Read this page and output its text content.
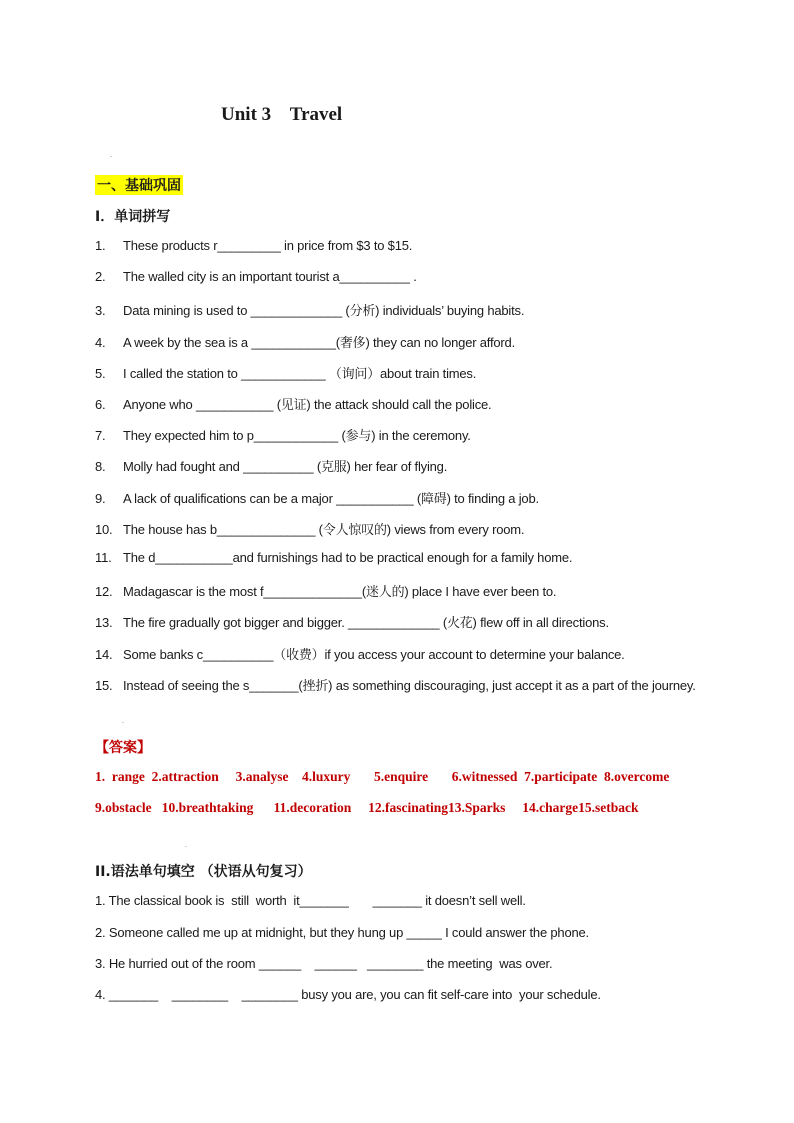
Unit 3    Travel
.
一、基础巩固
I．单词拼写
1. These products r_________ in price from $3 to $15.
2. The walled city is an important tourist a__________ .
3. Data mining is used to _____________ (分析) individuals’ buying habits.
4. A week by the sea is a ____________(奢侈) they can no longer afford.
5. I called the station to ____________ （询问）about train times.
6. Anyone who ___________ (见证) the attack should call the police.
7. They expected him to p____________ (参与) in the ceremony.
8. Molly had fought and __________ (克服) her fear of flying.
9. A lack of qualifications can be a major ___________ (障碍) to finding a job.
10. The house has b______________ (令人惊叹的) views from every room.
11. The d___________and furnishings had to be practical enough for a family home.
12. Madagascar is the most f______________(迷人的) place I have ever been to.
13. The fire gradually got bigger and bigger. _____________ (火花) flew off in all directions.
14. Some banks c__________（收费）if you access your account to determine your balance.
15. Instead of seeing the s_______(挫折) as something discouraging, just accept it as a part of the journey.
.
【答案】
1.  range  2.attraction     3.analyse    4.luxury       5.enquire       6.witnessed  7.participate  8.overcome
9.obstacle   10.breathtaking      11.decoration     12.fascinating13.Sparks     14.charge15.setback
.
II.语法单句填空 （状语从句复习）
1. The classical book is  still  worth  it_______       _______ it doesn’t sell well.
2. Someone called me up at midnight, but they hung up _____ I could answer the phone.
3. He hurried out of the room ______    ______   ________ the meeting  was over.
4. _______    ________    ________ busy you are, you can fit self-care into  your schedule.
